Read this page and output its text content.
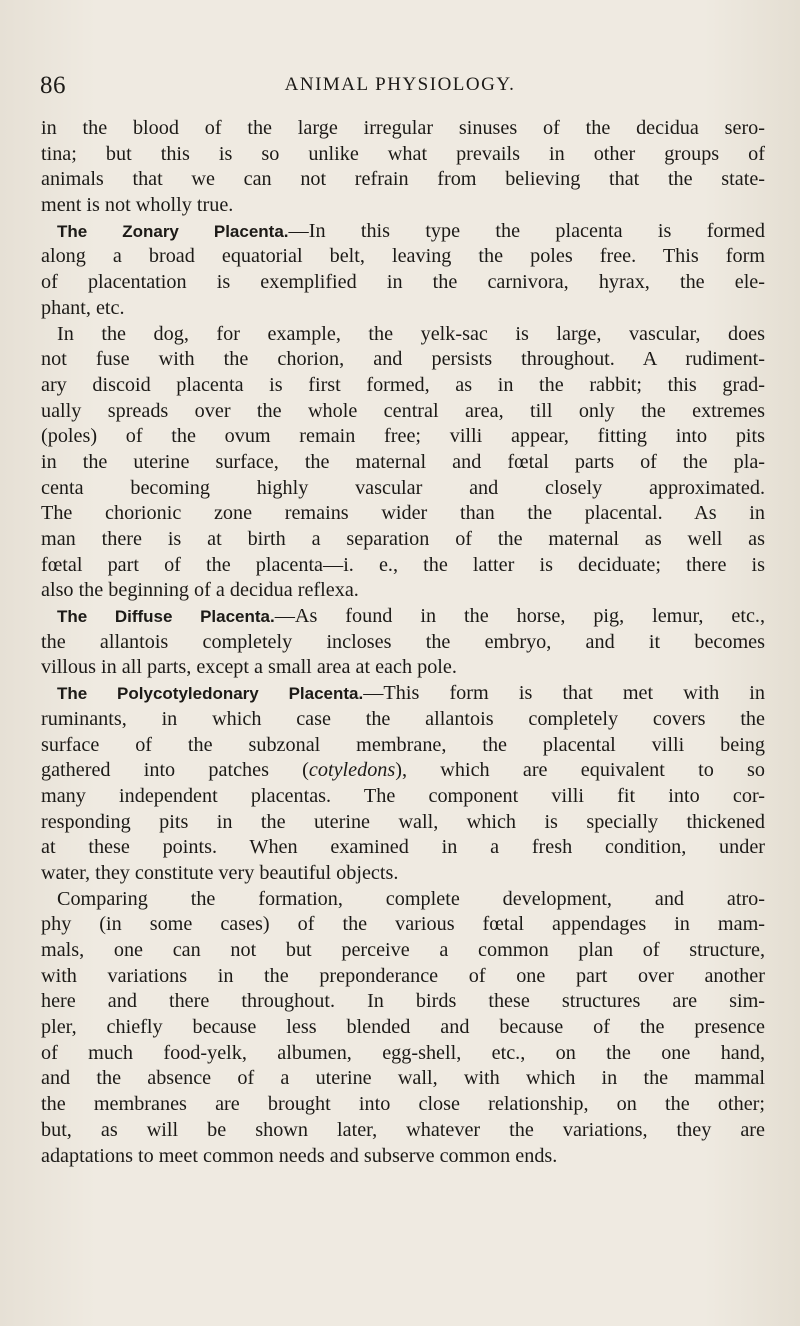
86	ANIMAL PHYSIOLOGY.
in the blood of the large irregular sinuses of the decidua sero-
tina; but this is so unlike what prevails in other groups of
animals that we can not refrain from believing that the state-
ment is not wholly true.
The Zonary Placenta.—In this type the placenta is formed
along a broad equatorial belt, leaving the poles free. This form
of placentation is exemplified in the carnivora, hyrax, the ele-
phant, etc.
In the dog, for example, the yelk-sac is large, vascular, does
not fuse with the chorion, and persists throughout. A rudiment-
ary discoid placenta is first formed, as in the rabbit; this grad-
ually spreads over the whole central area, till only the extremes
(poles) of the ovum remain free; villi appear, fitting into pits
in the uterine surface, the maternal and fœtal parts of the pla-
centa becoming highly vascular and closely approximated.
The chorionic zone remains wider than the placental. As in
man there is at birth a separation of the maternal as well as
fœtal part of the placenta—i. e., the latter is deciduate; there is
also the beginning of a decidua reflexa.
The Diffuse Placenta.—As found in the horse, pig, lemur, etc.,
the allantois completely incloses the embryo, and it becomes
villous in all parts, except a small area at each pole.
The Polycotyledonary Placenta.—This form is that met with in
ruminants, in which case the allantois completely covers the
surface of the subzonal membrane, the placental villi being
gathered into patches (cotyledons), which are equivalent to so
many independent placentas. The component villi fit into cor-
responding pits in the uterine wall, which is specially thickened
at these points. When examined in a fresh condition, under
water, they constitute very beautiful objects.
Comparing the formation, complete development, and atro-
phy (in some cases) of the various fœtal appendages in mam-
mals, one can not but perceive a common plan of structure,
with variations in the preponderance of one part over another
here and there throughout. In birds these structures are sim-
pler, chiefly because less blended and because of the presence
of much food-yelk, albumen, egg-shell, etc., on the one hand,
and the absence of a uterine wall, with which in the mammal
the membranes are brought into close relationship, on the other;
but, as will be shown later, whatever the variations, they are
adaptations to meet common needs and subserve common ends.
